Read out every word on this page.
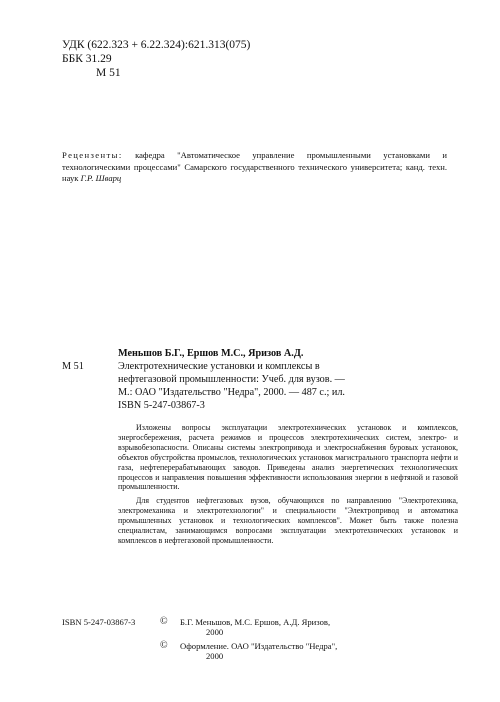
УДК (622.323 + 6.22.324):621.313(075)
ББК 31.29
М 51
Рецензенты: кафедра "Автоматическое управление промышленными установками и технологическими процессами" Самарского государственного технического университета; канд. техн. наук Г.Р. Шварц
Меньшов Б.Г., Ершов М.С., Яризов А.Д.
М 51	Электротехнические установки и комплексы в
нефтегазовой промышленности: Учеб. для вузов. —
М.: ОАО "Издательство "Недра", 2000. — 487 с.; ил.
ISBN 5-247-03867-3

Изложены вопросы эксплуатации электротехнических установок и комплексов, энергосбережения, расчета режимов и процессов электротехнических систем, электро- и взрывобезопасности. Описаны системы электропривода и электроснабжения буровых установок, объектов обустройства промыслов, технологических установок магистрального транспорта нефти и газа, нефтеперерабатывающих заводов. Приведены анализ энергетических технологических процессов и направления повышения эффективности использования энергии в нефтяной и газовой промышленности.

Для студентов нефтегазовых вузов, обучающихся по направлению "Электротехника, электромеханика и электротехнологии" и специальности "Электропривод и автоматика промышленных установок и технологических комплексов". Может быть также полезна специалистам, занимающимся вопросами эксплуатации электротехнических установок и комплексов в нефтегазовой промышленности.

ISBN 5-247-03867-3 ©	Б.Г. Меньшов, М.С. Ершов, А.Д. Яризов,
2000
©	Оформление. ОАО "Издательство "Недра",
2000
